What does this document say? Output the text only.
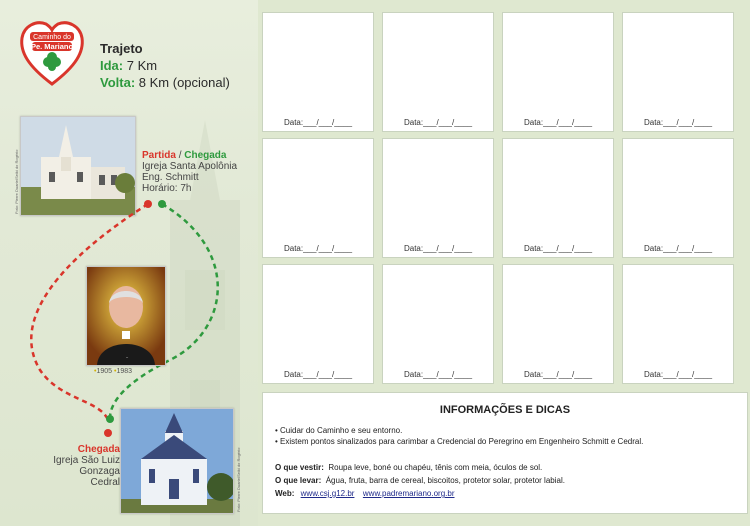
Caminho do
Pe. Mariano Trajeto
Ida: 7 Km
Volta: 8 Km (opcional)
Foto: Pierre Duarte/Seiki do Rogério	Partida / Chegada
Igreja Santa Apolônia
Eng. Schmitt
Horário: 7h
~
•1905 •1983
Chegada
Igreja São Luiz Gonzaga
Cedral	Foto: Pierre Duarte/Seiki do Rogério
Data:___/___/____	Data:___/___/____	Data:___/___/____	Data:___/___/____
Data:___/___/____	Data:___/___/____	Data:___/___/____	Data:___/___/____
Data:___/___/____	Data:___/___/____	Data:___/___/____	Data:___/___/____
INFORMAÇÕES E DICAS
• Cuidar do Caminho e seu entorno.
• Existem pontos sinalizados para carimbar a Credencial do Peregrino em Engenheiro Schmitt e Cedral.
O que vestir: Roupa leve, boné ou chapéu, tênis com meia, óculos de sol.
O que levar: Água, fruta, barra de cereal, biscoitos, protetor solar, protetor labial.
Web: www.csj.g12.br www.padremariano.org.br
